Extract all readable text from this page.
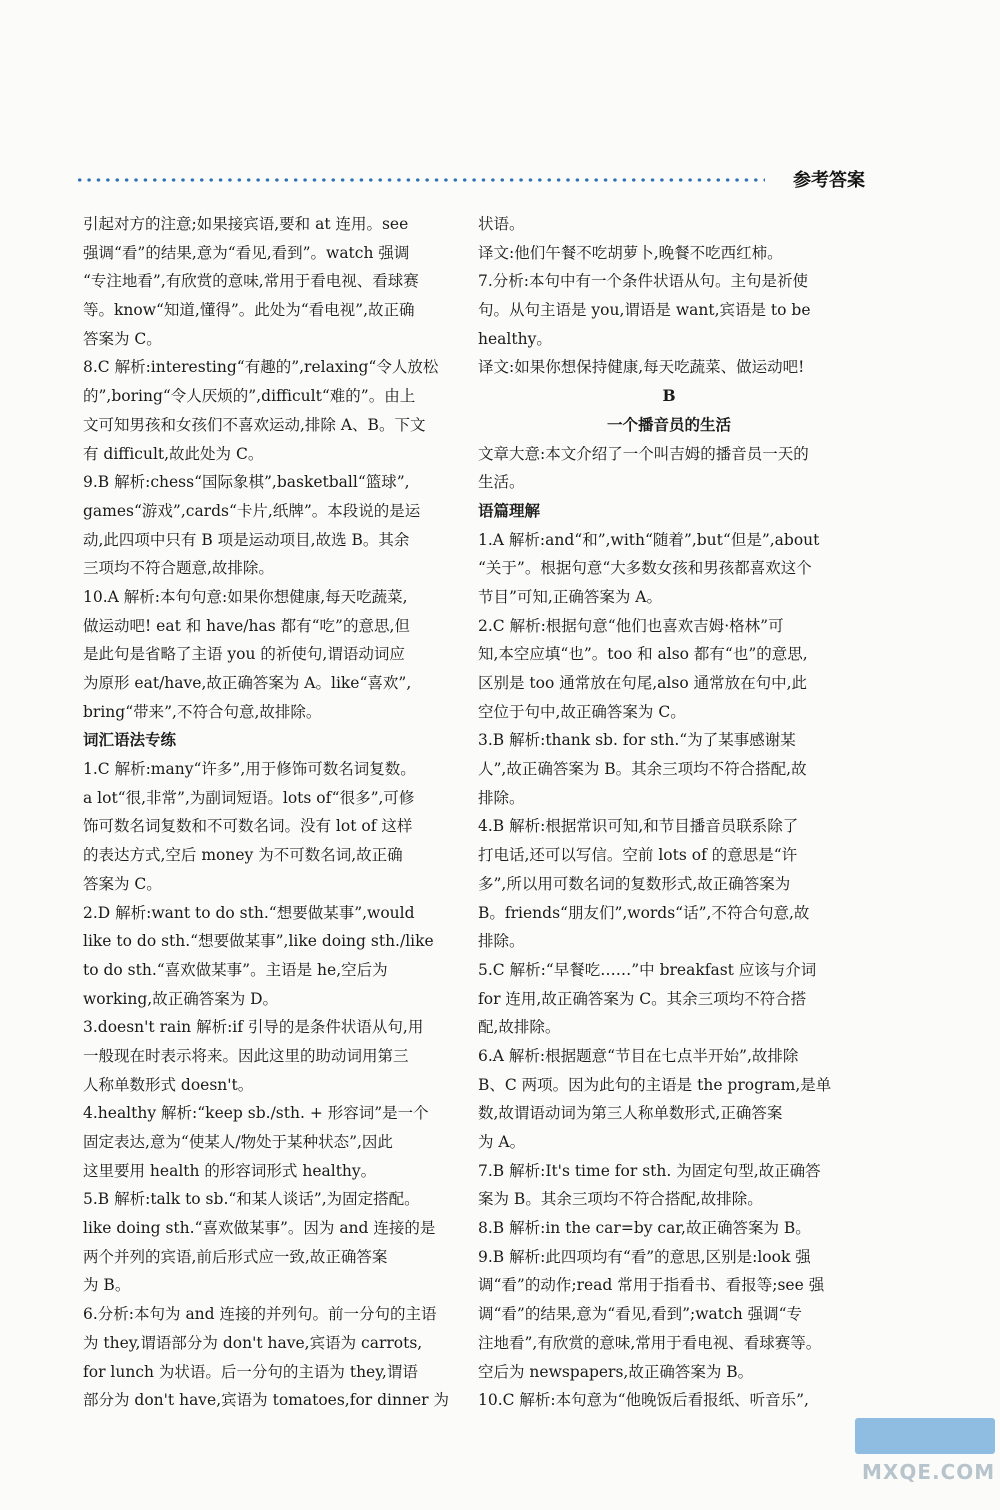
参考答案
引起对方的注意;如果接宾语,要和 at 连用。see
强调“看”的结果,意为“看见,看到”。watch 强调
“专注地看”,有欣赏的意味,常用于看电视、看球赛
等。know“知道,懂得”。此处为“看电视”,故正确
答案为 C。
8.C 解析:interesting“有趣的”,relaxing“令人放松
的”,boring“令人厌烦的”,difficult“难的”。由上
文可知男孩和女孩们不喜欢运动,排除 A、B。下文
有 difficult,故此处为 C。
9.B 解析:chess“国际象棋”,basketball“篮球”,
games“游戏”,cards“卡片,纸牌”。本段说的是运
动,此四项中只有 B 项是运动项目,故选 B。其余
三项均不符合题意,故排除。
10.A 解析:本句句意:如果你想健康,每天吃蔬菜,
做运动吧! eat 和 have/has 都有“吃”的意思,但
是此句是省略了主语 you 的祈使句,谓语动词应
为原形 eat/have,故正确答案为 A。like“喜欢”,
bring“带来”,不符合句意,故排除。
词汇语法专练
1.C 解析:many“许多”,用于修饰可数名词复数。
a lot“很,非常”,为副词短语。lots of“很多”,可修
饰可数名词复数和不可数名词。没有 lot of 这样
的表达方式,空后 money 为不可数名词,故正确
答案为 C。
2.D 解析:want to do sth.“想要做某事”,would
like to do sth.“想要做某事”,like doing sth./like
to do sth.“喜欢做某事”。主语是 he,空后为
working,故正确答案为 D。
3.doesn't rain 解析:if 引导的是条件状语从句,用
一般现在时表示将来。因此这里的助动词用第三
人称单数形式 doesn't。
4.healthy 解析:“keep sb./sth. + 形容词”是一个
固定表达,意为“使某人/物处于某种状态”,因此
这里要用 health 的形容词形式 healthy。
5.B 解析:talk to sb.“和某人谈话”,为固定搭配。
like doing sth.“喜欢做某事”。因为 and 连接的是
两个并列的宾语,前后形式应一致,故正确答案
为 B。
6.分析:本句为 and 连接的并列句。前一分句的主语
为 they,谓语部分为 don't have,宾语为 carrots,
for lunch 为状语。后一分句的主语为 they,谓语
部分为 don't have,宾语为 tomatoes,for dinner 为
状语。
译文:他们午餐不吃胡萝卜,晚餐不吃西红柿。
7.分析:本句中有一个条件状语从句。主句是祈使
句。从句主语是 you,谓语是 want,宾语是 to be
healthy。
译文:如果你想保持健康,每天吃蔬菜、做运动吧!
B
一个播音员的生活
文章大意:本文介绍了一个叫吉姆的播音员一天的
生活。
语篇理解
1.A 解析:and“和”,with“随着”,but“但是”,about
“关于”。根据句意“大多数女孩和男孩都喜欢这个
节目”可知,正确答案为 A。
2.C 解析:根据句意“他们也喜欢吉姆·格林”可
知,本空应填“也”。too 和 also 都有“也”的意思,
区别是 too 通常放在句尾,also 通常放在句中,此
空位于句中,故正确答案为 C。
3.B 解析:thank sb. for sth.“为了某事感谢某
人”,故正确答案为 B。其余三项均不符合搭配,故
排除。
4.B 解析:根据常识可知,和节目播音员联系除了
打电话,还可以写信。空前 lots of 的意思是“许
多”,所以用可数名词的复数形式,故正确答案为
B。friends“朋友们”,words“话”,不符合句意,故
排除。
5.C 解析:“早餐吃……”中 breakfast 应该与介词
for 连用,故正确答案为 C。其余三项均不符合搭
配,故排除。
6.A 解析:根据题意“节目在七点半开始”,故排除
B、C 两项。因为此句的主语是 the program,是单
数,故谓语动词为第三人称单数形式,正确答案
为 A。
7.B 解析:It's time for sth. 为固定句型,故正确答
案为 B。其余三项均不符合搭配,故排除。
8.B 解析:in the car=by car,故正确答案为 B。
9.B 解析:此四项均有“看”的意思,区别是:look 强
调“看”的动作;read 常用于指看书、看报等;see 强
调“看”的结果,意为“看见,看到”;watch 强调“专
注地看”,有欣赏的意味,常用于看电视、看球赛等。
空后为 newspapers,故正确答案为 B。
10.C 解析:本句意为“他晚饭后看报纸、听音乐”,
MXQE.COM
